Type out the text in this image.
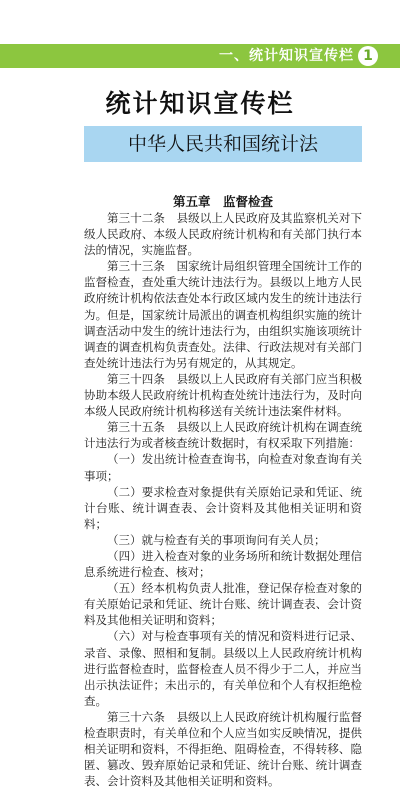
一、统计知识宣传栏 1
统计知识宣传栏
中华人民共和国统计法
第五章　监督检查

第三十二条　县级以上人民政府及其监察机关对下级人民政府、本级人民政府统计机构和有关部门执行本法的情况，实施监督。

第三十三条　国家统计局组织管理全国统计工作的监督检查，查处重大统计违法行为。县级以上地方人民政府统计机构依法查处本行政区域内发生的统计违法行为。但是，国家统计局派出的调查机构组织实施的统计调查活动中发生的统计违法行为，由组织实施该项统计调查的调查机构负责查处。法律、行政法规对有关部门查处统计违法行为另有规定的，从其规定。

第三十四条　县级以上人民政府有关部门应当积极协助本级人民政府统计机构查处统计违法行为，及时向本级人民政府统计机构移送有关统计违法案件材料。

第三十五条　县级以上人民政府统计机构在调查统计违法行为或者核查统计数据时，有权采取下列措施：

（一）发出统计检查查询书，向检查对象查询有关事项；

（二）要求检查对象提供有关原始记录和凭证、统计台账、统计调查表、会计资料及其他相关证明和资料；

（三）就与检查有关的事项询问有关人员；

（四）进入检查对象的业务场所和统计数据处理信息系统进行检查、核对；

（五）经本机构负责人批准，登记保存检查对象的有关原始记录和凭证、统计台账、统计调查表、会计资料及其他相关证明和资料；

（六）对与检查事项有关的情况和资料进行记录、录音、录像、照相和复制。县级以上人民政府统计机构进行监督检查时，监督检查人员不得少于二人，并应当出示执法证件；未出示的，有关单位和个人有权拒绝检查。

第三十六条　县级以上人民政府统计机构履行监督检查职责时，有关单位和个人应当如实反映情况，提供相关证明和资料，不得拒绝、阻碍检查，不得转移、隐匿、篡改、毁弃原始记录和凭证、统计台账、统计调查表、会计资料及其他相关证明和资料。
